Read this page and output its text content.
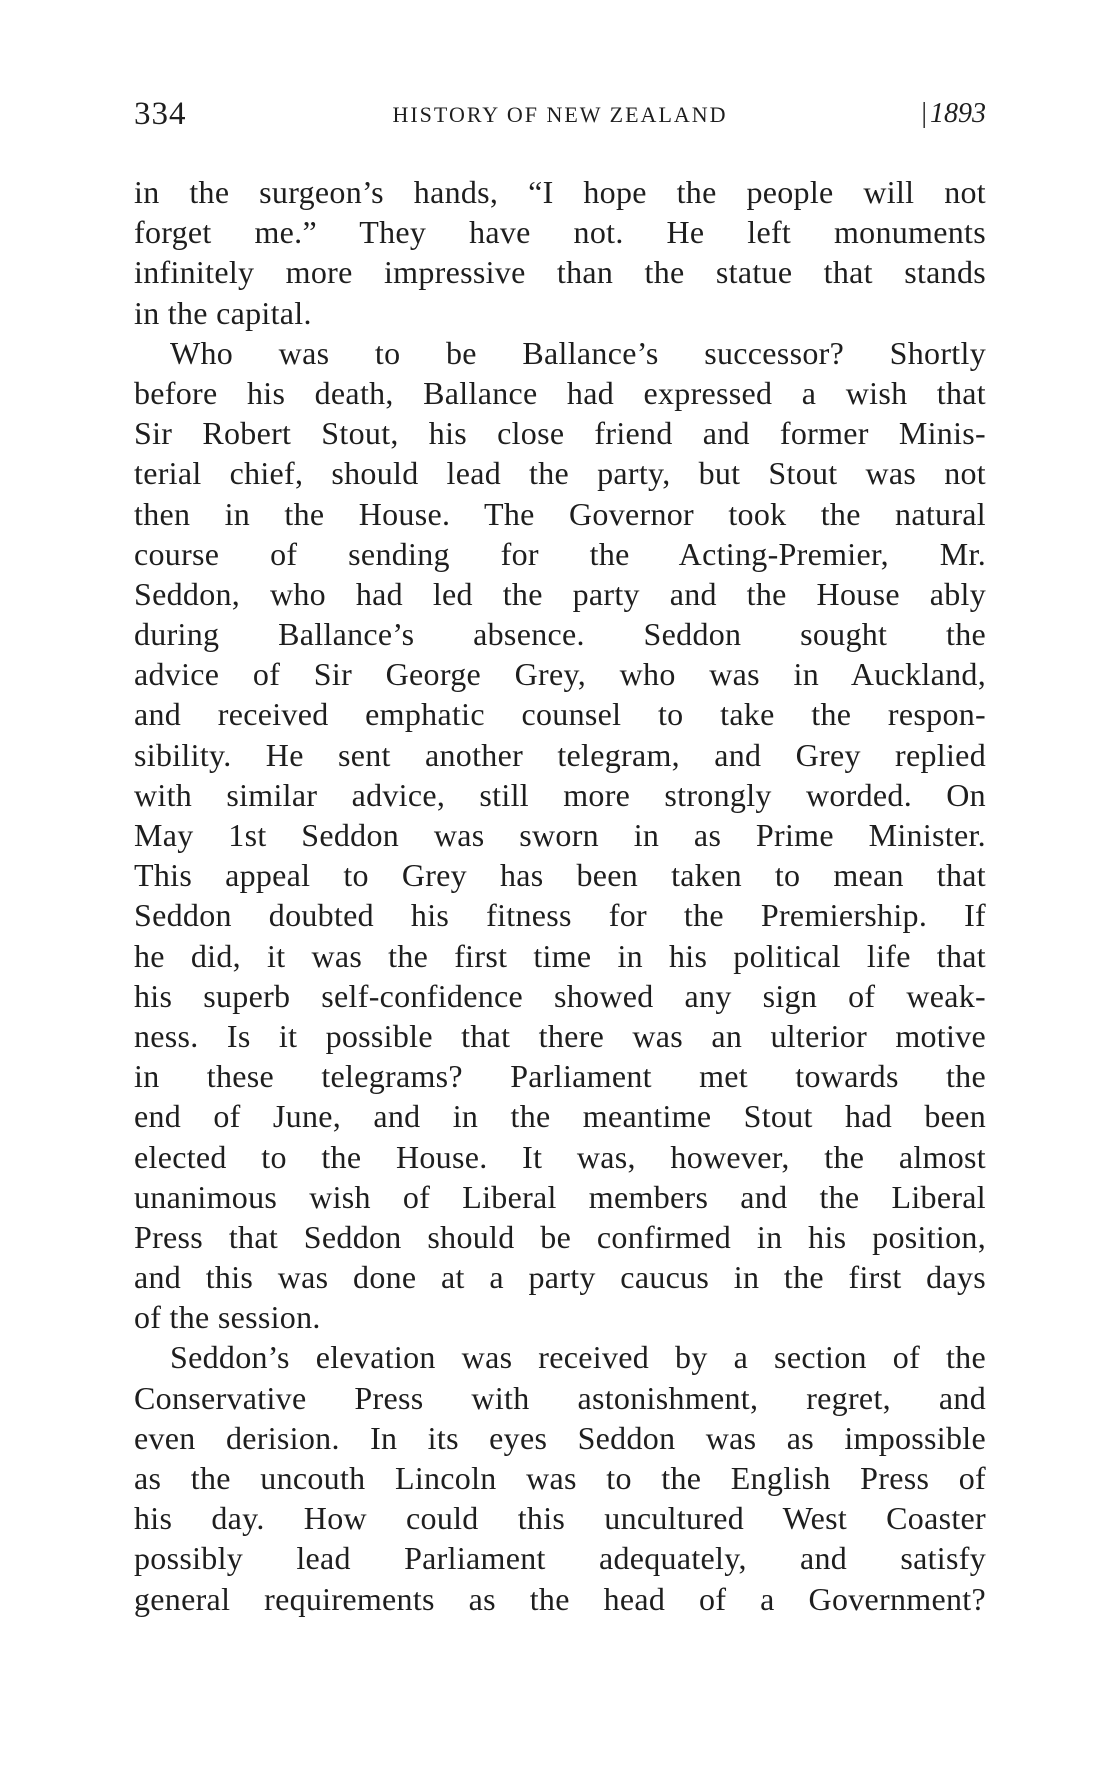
334	HISTORY OF NEW ZEALAND	| 1893
in the surgeon’s hands, “I hope the people will not
forget me.” They have not. He left monuments
infinitely more impressive than the statue that stands
in the capital.
Who was to be Ballance’s successor? Shortly
before his death, Ballance had expressed a wish that
Sir Robert Stout, his close friend and former Minis-
terial chief, should lead the party, but Stout was not
then in the House. The Governor took the natural
course of sending for the Acting-Premier, Mr.
Seddon, who had led the party and the House ably
during Ballance’s absence. Seddon sought the
advice of Sir George Grey, who was in Auckland,
and received emphatic counsel to take the respon-
sibility. He sent another telegram, and Grey replied
with similar advice, still more strongly worded. On
May 1st Seddon was sworn in as Prime Minister.
This appeal to Grey has been taken to mean that
Seddon doubted his fitness for the Premiership. If
he did, it was the first time in his political life that
his superb self-confidence showed any sign of weak-
ness. Is it possible that there was an ulterior motive
in these telegrams? Parliament met towards the
end of June, and in the meantime Stout had been
elected to the House. It was, however, the almost
unanimous wish of Liberal members and the Liberal
Press that Seddon should be confirmed in his position,
and this was done at a party caucus in the first days
of the session.
Seddon’s elevation was received by a section of the
Conservative Press with astonishment, regret, and
even derision. In its eyes Seddon was as impossible
as the uncouth Lincoln was to the English Press of
his day. How could this uncultured West Coaster
possibly lead Parliament adequately, and satisfy
general requirements as the head of a Government?
